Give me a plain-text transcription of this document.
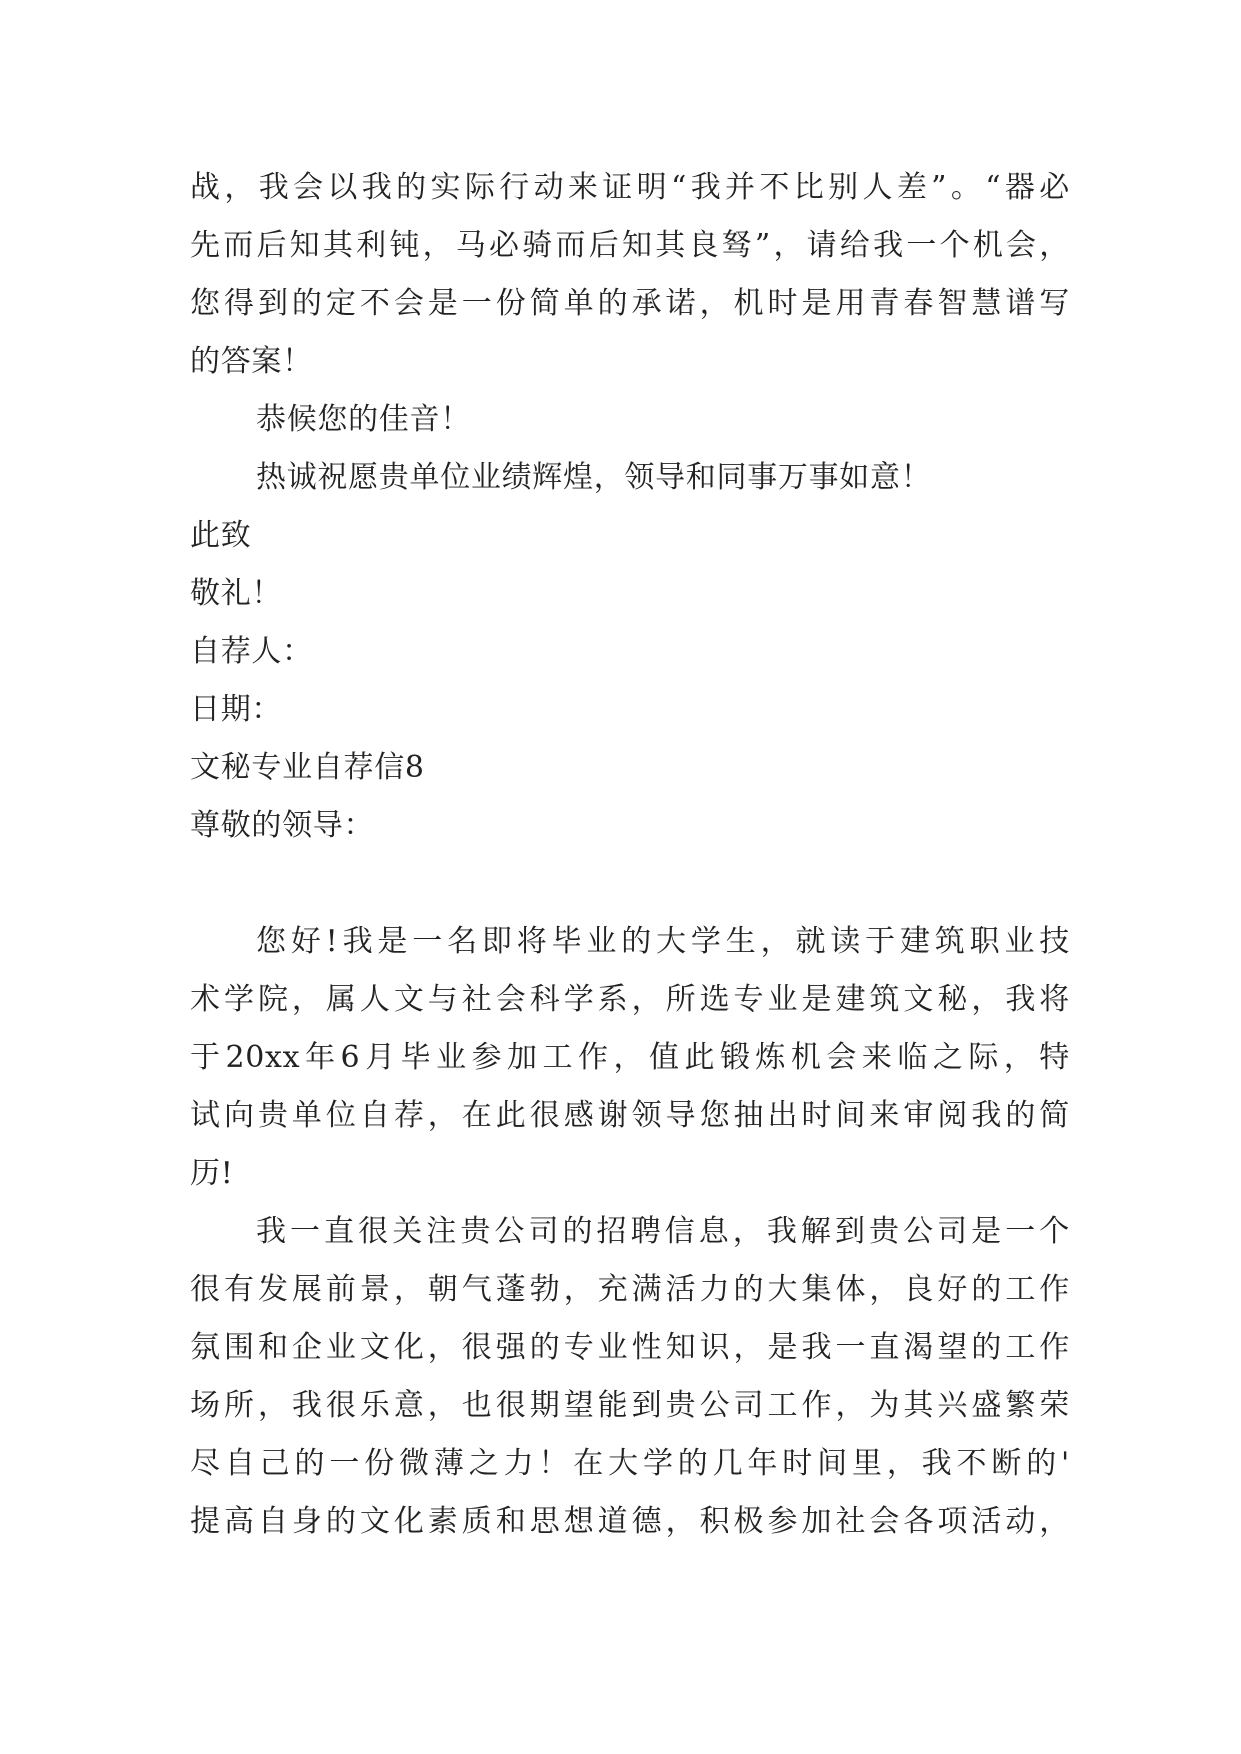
战，我会以我的实际行动来证明“我并不比别人差”。“器必
先而后知其利钝，马必骑而后知其良驽”，请给我一个机会，
您得到的定不会是一份简单的承诺，机时是用青春智慧谱写
的答案！
恭候您的佳音！
热诚祝愿贵单位业绩辉煌，领导和同事万事如意！
此致
敬礼！
自荐人：
日期：
文秘专业自荐信8
尊敬的领导：
您好!我是一名即将毕业的大学生，就读于建筑职业技
术学院，属人文与社会科学系，所选专业是建筑文秘，我将
于20xx年6月毕业参加工作，值此锻炼机会来临之际，特
试向贵单位自荐，在此很感谢领导您抽出时间来审阅我的简
历!
我一直很关注贵公司的招聘信息，我解到贵公司是一个
很有发展前景，朝气蓬勃，充满活力的大集体，良好的工作
氛围和企业文化，很强的专业性知识，是我一直渴望的工作
场所，我很乐意，也很期望能到贵公司工作，为其兴盛繁荣
尽自己的一份微薄之力！在大学的几年时间里，我不断的'
提高自身的文化素质和思想道德，积极参加社会各项活动，
